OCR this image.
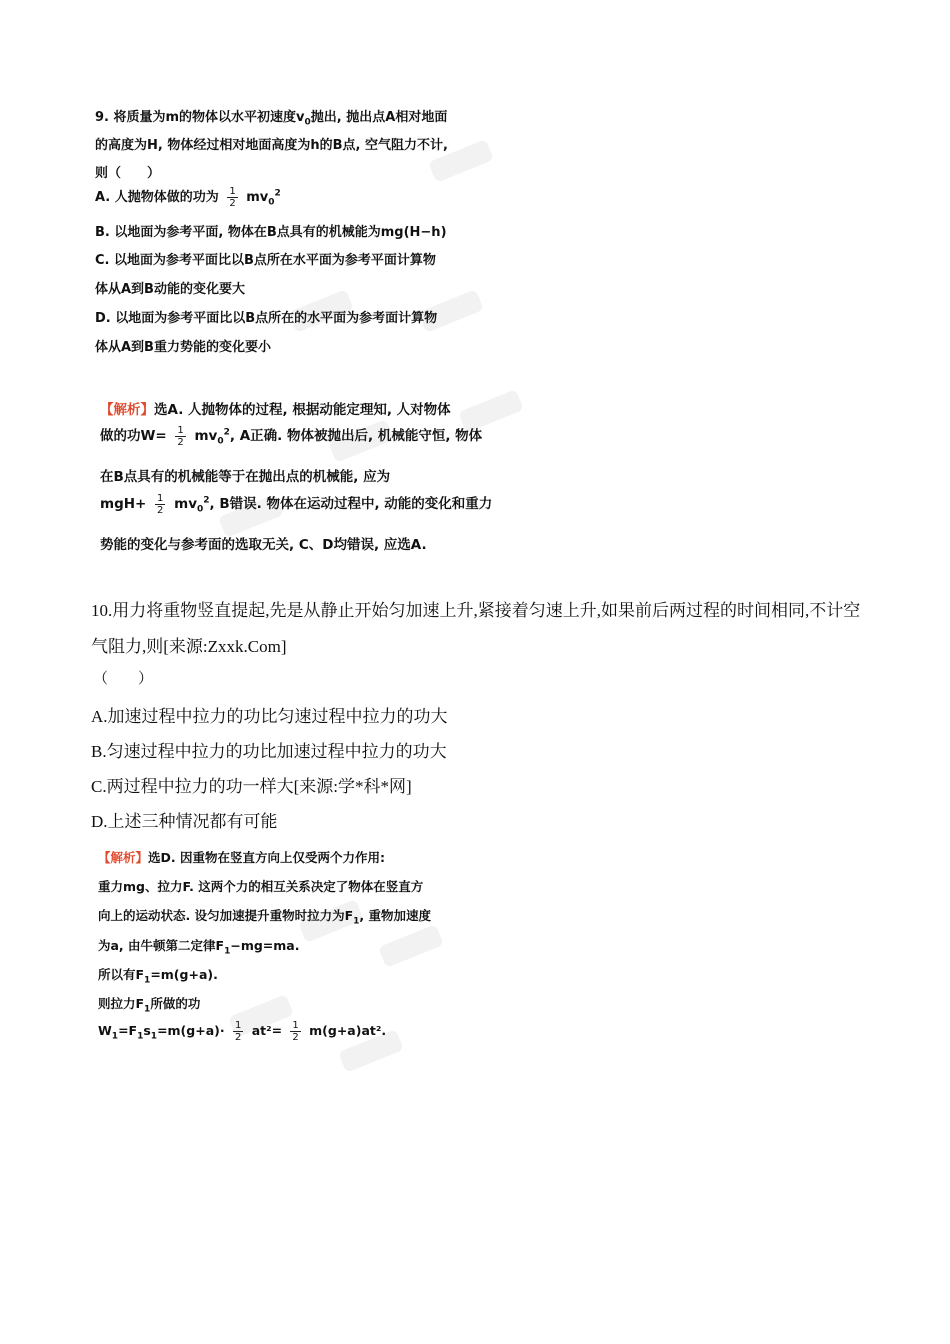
9. 将质量为m的物体以水平初速度$v_0$抛出, 抛出点A相对地面
的高度为H, 物体经过相对地面高度为h的B点, 空气阻力不计,
则（　　）
A. 人抛物体做的功为 $\frac{1}{2} mv_0^2$
B. 以地面为参考平面, 物体在B点具有的机械能为mg(H−h)
C. 以地面为参考平面比以B点所在水平面为参考平面计算物
体从A到B动能的变化要大
D. 以地面为参考平面比以B点所在的水平面为参考面计算物
体从A到B重力势能的变化要小
【解析】选A. 人抛物体的过程, 根据动能定理知, 人对物体
做的功$W= \frac{1}{2} mv_0^2$, A正确. 物体被抛出后, 机械能守恒, 物体
在B点具有的机械能等于在抛出点的机械能, 应为
$mgH+ \frac{1}{2} mv_0^2$, B错误. 物体在运动过程中, 动能的变化和重力
势能的变化与参考面的选取无关, C、D均错误, 应选A.
10.用力将重物竖直提起,先是从静止开始匀加速上升,紧接着匀速上升,如果前后两过程的时间相同,不计空
气阻力,则[来源:Zxxk.Com]
（　　）
A.加速过程中拉力的功比匀速过程中拉力的功大
B.匀速过程中拉力的功比加速过程中拉力的功大
C.两过程中拉力的功一样大[来源:学*科*网]
D.上述三种情况都有可能
【解析】选D. 因重物在竖直方向上仅受两个力作用:
重力mg、拉力F. 这两个力的相互关系决定了物体在竖直方
向上的运动状态. 设匀加速提升重物时拉力为$F_1$, 重物加速度
为a, 由牛顿第二定律$F_1-mg=ma$.
所以有$F_1=m(g+a)$.
则拉力$F_1$所做的功
$W_1=F_1s_1=m(g+a)\cdot \frac{1}{2} at^2= \frac{1}{2} m(g+a)at^2$.
